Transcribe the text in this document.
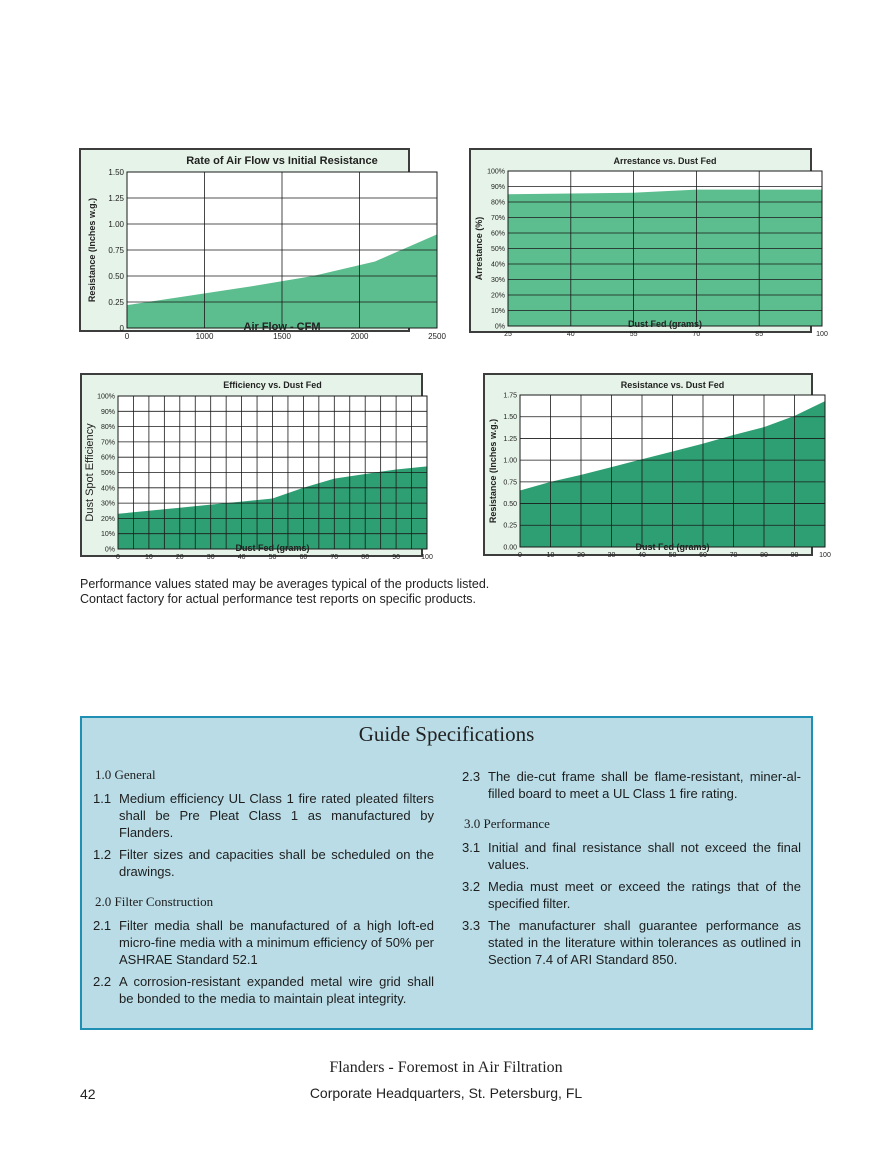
0	1000	1500	2000	2500
0
0.25
0.50
0.75
1.00
1.25
1.50
Rate of Air Flow vs Initial Resistance
Air Flow - CFM
Resistance (Inches w.g.)
25	40	55	70	85	100
0%
10%
20%
30%
40%
50%
60%
70%
80%
90%
100%
Arrestance vs. Dust Fed
Dust Fed (grams)
Arrestance (%)
0	10	20	30	40	50	60	70	80	90	100
0%
10%
20%
30%
40%
50%
60%
70%
80%
90%
100%
Efficiency vs. Dust Fed
Dust Fed (grams)
Dust Spot Efficiency
0	10	20	30	40	50	60	70	80	90	100
0.00
0.25
0.50
0.75
1.00
1.25
1.50
1.75
Resistance vs. Dust Fed
Dust Fed (grams)
Resistance (Inches w.g.)
Performance values stated may be averages typical of the products listed.
Contact factory for actual performance test reports on specific products.
Guide Specifications
1.0 General
1.1 Medium efficiency UL Class 1 fire rated pleated filters shall be Pre Pleat Class 1 as manufactured by Flanders.
1.2 Filter sizes and capacities shall be scheduled on the drawings.
2.0 Filter Construction
2.1 Filter media shall be manufactured of a high loft-ed micro-fine media with a minimum efficiency of 50% per ASHRAE Standard 52.1
2.2 A corrosion-resistant expanded metal wire grid shall be bonded to the media to maintain pleat integrity.
2.3 The die-cut frame shall be flame-resistant, miner-al-filled board to meet a UL Class 1 fire rating.
3.0 Performance
3.1 Initial and final resistance shall not exceed the final values.
3.2 Media must meet or exceed the ratings that of the specified filter.
3.3 The manufacturer shall guarantee performance as stated in the literature within tolerances as outlined in Section 7.4 of ARI Standard 850.
Flanders - Foremost in Air Filtration
42	Corporate Headquarters, St. Petersburg, FL
